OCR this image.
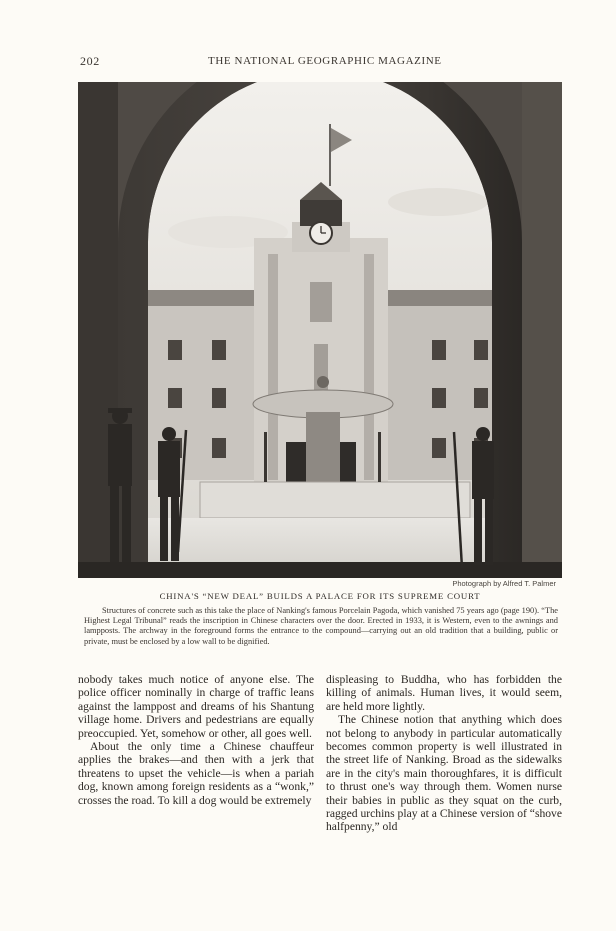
202	THE NATIONAL GEOGRAPHIC MAGAZINE
Photograph by Alfred T. Palmer
CHINA'S “NEW DEAL” BUILDS A PALACE FOR ITS SUPREME COURT
Structures of concrete such as this take the place of Nanking's famous Porcelain Pagoda, which vanished 75 years ago (page 190). “The Highest Legal Tribunal” reads the inscription in Chinese characters over the door. Erected in 1933, it is Western, even to the awnings and lampposts. The archway in the foreground forms the entrance to the compound—carrying out an old tradition that a building, public or private, must be enclosed by a low wall to be dignified.

nobody takes much notice of anyone else. The police officer nominally in charge of traffic leans against the lamppost and dreams of his Shantung village home. Drivers and pedestrians are equally preoccupied. Yet, somehow or other, all goes well.

About the only time a Chinese chauffeur applies the brakes—and then with a jerk that threatens to upset the vehicle—is when a pariah dog, known among foreign residents as a “wonk,” crosses the road. To kill a dog would be extremely

displeasing to Buddha, who has forbidden the killing of animals. Human lives, it would seem, are held more lightly.

The Chinese notion that anything which does not belong to anybody in particular automatically becomes common property is well illustrated in the street life of Nanking. Broad as the sidewalks are in the city's main thoroughfares, it is difficult to thrust one's way through them. Women nurse their babies in public as they squat on the curb, ragged urchins play at a Chinese version of “shove halfpenny,” old
